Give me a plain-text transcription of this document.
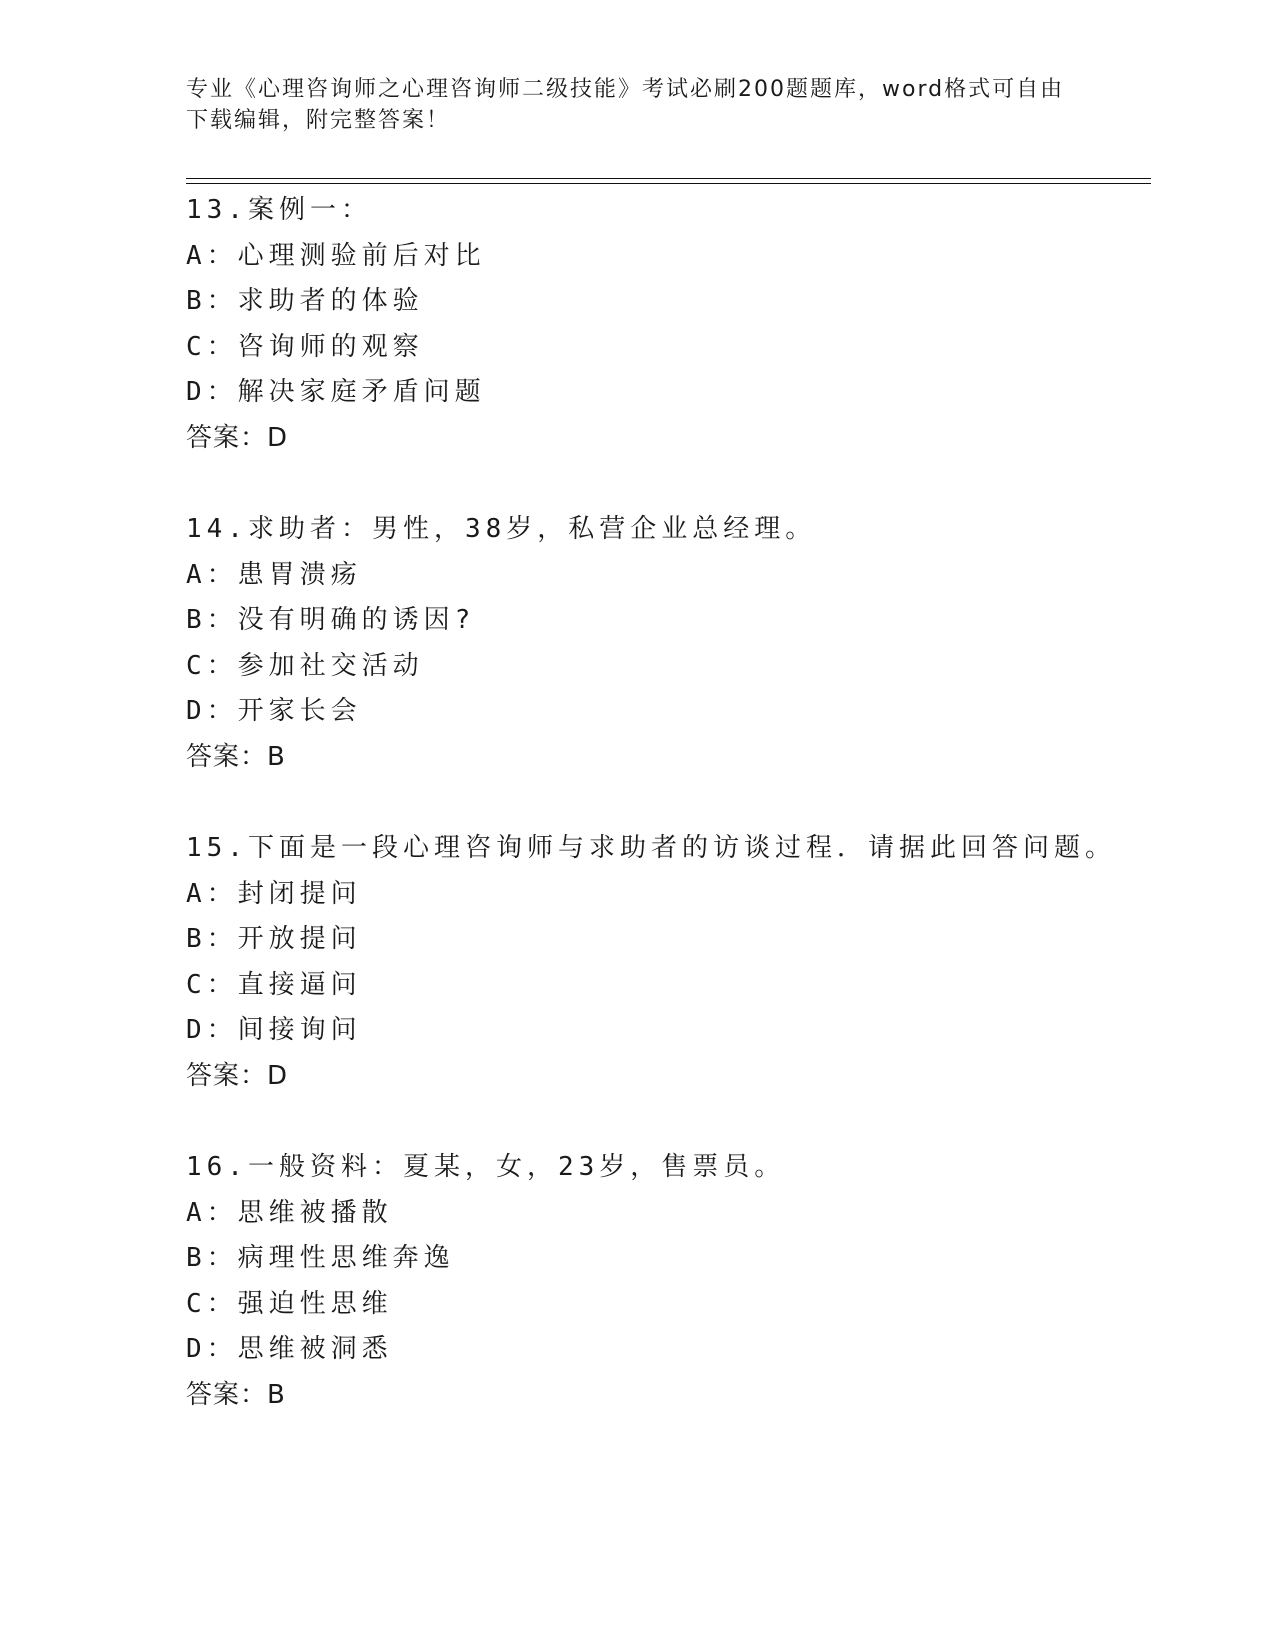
专业《心理咨询师之心理咨询师二级技能》考试必刷200题题库，word格式可自由下载编辑，附完整答案！
13.案例一：
A：心理测验前后对比
B：求助者的体验
C：咨询师的观察
D：解决家庭矛盾问题
答案：D
14.求助者：男性，38岁，私营企业总经理。
A：患胃溃疡
B：没有明确的诱因?
C：参加社交活动
D：开家长会
答案：B
15.下面是一段心理咨询师与求助者的访谈过程．请据此回答问题。
A：封闭提问
B：开放提问
C：直接逼问
D：间接询问
答案：D
16.一般资料：夏某，女，23岁，售票员。
A：思维被播散
B：病理性思维奔逸
C：强迫性思维
D：思维被洞悉
答案：B
